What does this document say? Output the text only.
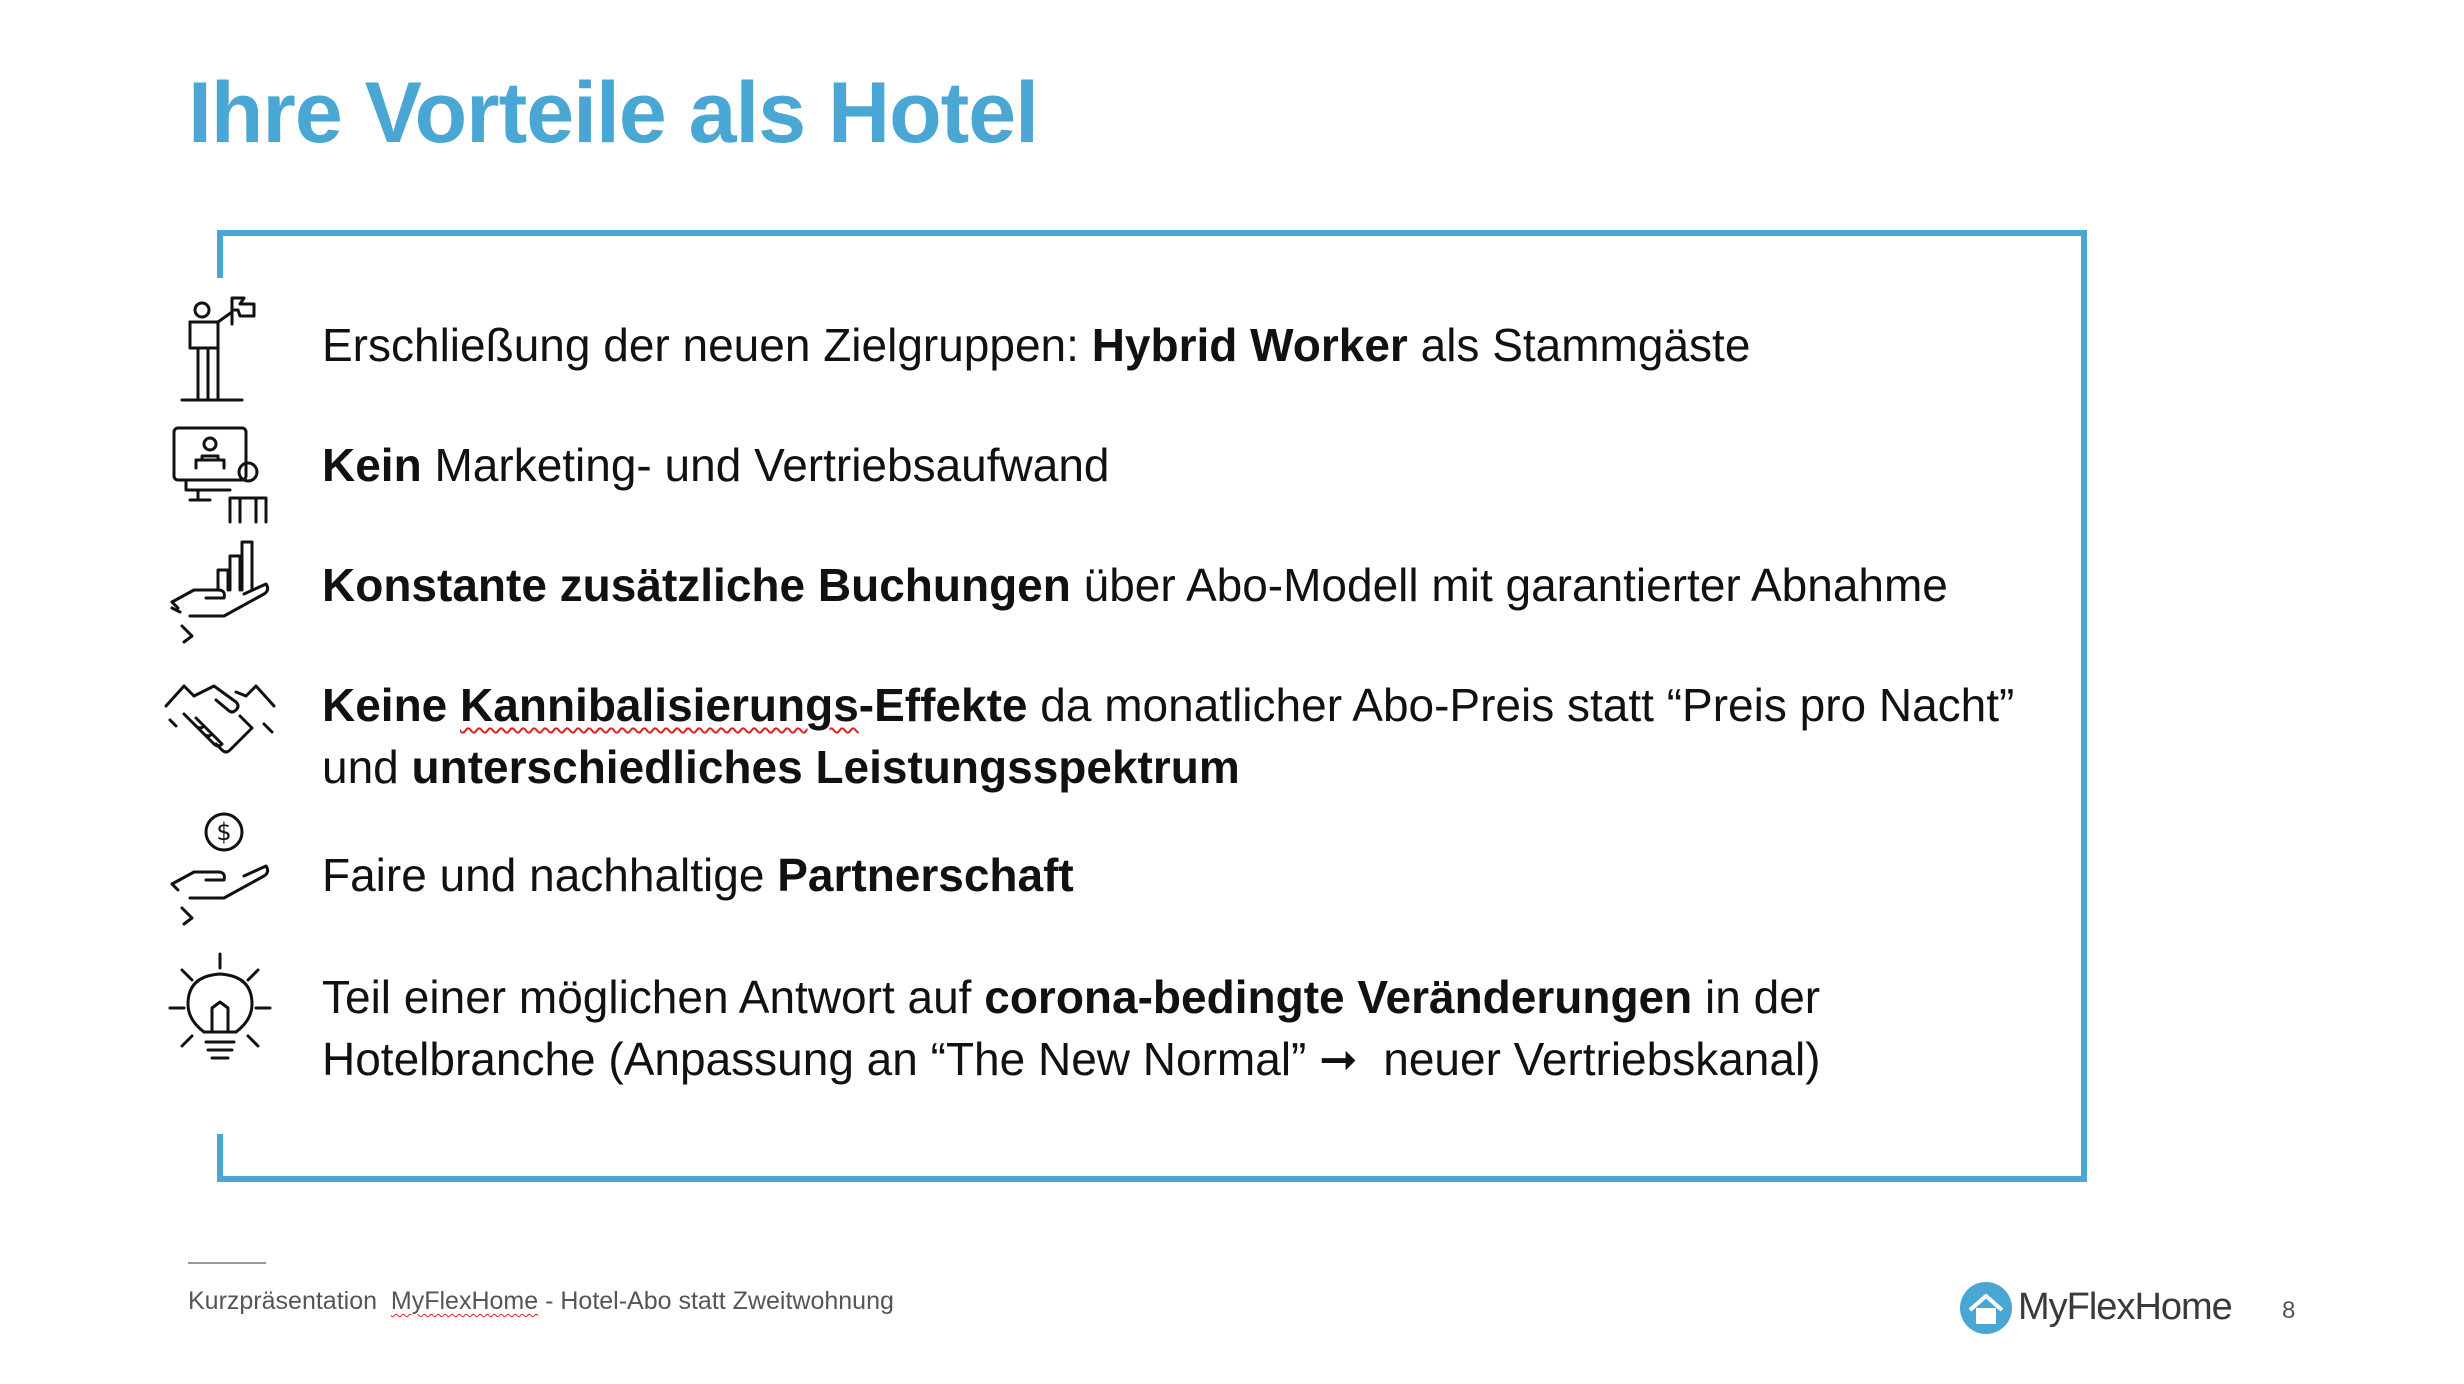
Ihre Vorteile als Hotel
Erschließung der neuen Zielgruppen: Hybrid Worker als Stammgäste
Kein Marketing- und Vertriebsaufwand
Konstante zusätzliche Buchungen über Abo-Modell mit garantierter Abnahme
Keine Kannibalisierungs-Effekte da monatlicher Abo-Preis statt “Preis pro Nacht”
und unterschiedliches Leistungsspektrum
$
Faire und nachhaltige Partnerschaft
Teil einer möglichen Antwort auf corona-bedingte Veränderungen in der
Hotelbranche (Anpassung an “The New Normal” ➞  neuer Vertriebskanal)
Kurzpräsentation  MyFlexHome - Hotel-Abo statt Zweitwohnung	MyFlexHome 8
